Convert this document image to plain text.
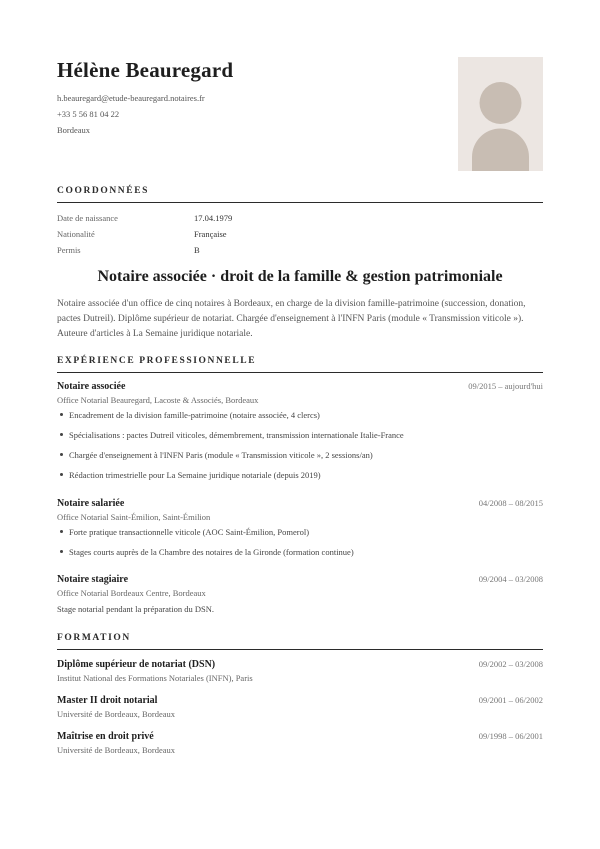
Hélène Beauregard
h.beauregard@etude-beauregard.notaires.fr
+33 5 56 81 04 22
Bordeaux
COORDONNÉES
Date de naissance	17.04.1979
Nationalité	Française
Permis	B
Notaire associée · droit de la famille & gestion patrimoniale

Notaire associée d'un office de cinq notaires à Bordeaux, en charge de la division famille-patrimoine (succession, donation, pactes Dutreil). Diplôme supérieur de notariat. Chargée d'enseignement à l'INFN Paris (module « Transmission viticole »). Auteure d'articles à La Semaine juridique notariale.

EXPÉRIENCE PROFESSIONNELLE
Notaire associée	09/2015 – aujourd'hui
Office Notarial Beauregard, Lacoste & Associés, Bordeaux
Encadrement de la division famille-patrimoine (notaire associée, 4 clercs)
Spécialisations : pactes Dutreil viticoles, démembrement, transmission internationale Italie-France
Chargée d'enseignement à l'INFN Paris (module « Transmission viticole », 2 sessions/an)
Rédaction trimestrielle pour La Semaine juridique notariale (depuis 2019)
Notaire salariée	04/2008 – 08/2015
Office Notarial Saint-Émilion, Saint-Émilion
Forte pratique transactionnelle viticole (AOC Saint-Émilion, Pomerol)
Stages courts auprès de la Chambre des notaires de la Gironde (formation continue)
Notaire stagiaire	09/2004 – 03/2008
Office Notarial Bordeaux Centre, Bordeaux
Stage notarial pendant la préparation du DSN.
FORMATION
Diplôme supérieur de notariat (DSN)	09/2002 – 03/2008
Institut National des Formations Notariales (INFN), Paris
Master II droit notarial	09/2001 – 06/2002
Université de Bordeaux, Bordeaux
Maîtrise en droit privé	09/1998 – 06/2001
Université de Bordeaux, Bordeaux
